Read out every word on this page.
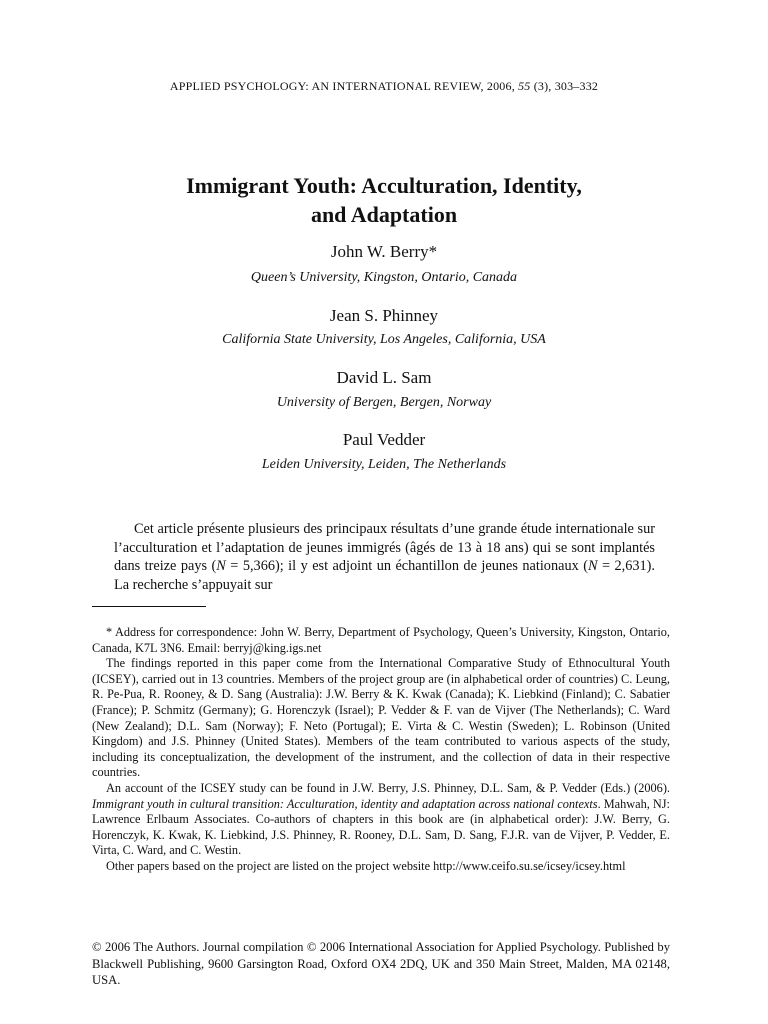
APPLIED PSYCHOLOGY: AN INTERNATIONAL REVIEW, 2006, 55 (3), 303–332
Immigrant Youth: Acculturation, Identity,
and Adaptation
John W. Berry*
Queen’s University, Kingston, Ontario, Canada
Jean S. Phinney
California State University, Los Angeles, California, USA
David L. Sam
University of Bergen, Bergen, Norway
Paul Vedder
Leiden University, Leiden, The Netherlands
Cet article présente plusieurs des principaux résultats d’une grande étude internationale sur l’acculturation et l’adaptation de jeunes immigrés (âgés de 13 à 18 ans) qui se sont implantés dans treize pays (N = 5,366); il y est adjoint un échantillon de jeunes nationaux (N = 2,631). La recherche s’appuyait sur

* Address for correspondence: John W. Berry, Department of Psychology, Queen’s University, Kingston, Ontario, Canada, K7L 3N6. Email: berryj@king.igs.net

The findings reported in this paper come from the International Comparative Study of Ethnocultural Youth (ICSEY), carried out in 13 countries. Members of the project group are (in alphabetical order of countries) C. Leung, R. Pe-Pua, R. Rooney, & D. Sang (Australia): J.W. Berry & K. Kwak (Canada); K. Liebkind (Finland); C. Sabatier (France); P. Schmitz (Germany); G. Horenczyk (Israel); P. Vedder & F. van de Vijver (The Netherlands); C. Ward (New Zealand); D.L. Sam (Norway); F. Neto (Portugal); E. Virta & C. Westin (Sweden); L. Robinson (United Kingdom) and J.S. Phinney (United States). Members of the team contributed to various aspects of the study, including its conceptualization, the development of the instrument, and the collection of data in their respective countries.

An account of the ICSEY study can be found in J.W. Berry, J.S. Phinney, D.L. Sam, & P. Vedder (Eds.) (2006). Immigrant youth in cultural transition: Acculturation, identity and adaptation across national contexts. Mahwah, NJ: Lawrence Erlbaum Associates. Co-authors of chapters in this book are (in alphabetical order): J.W. Berry, G. Horenczyk, K. Kwak, K. Liebkind, J.S. Phinney, R. Rooney, D.L. Sam, D. Sang, F.J.R. van de Vijver, P. Vedder, E. Virta, C. Ward, and C. Westin.

Other papers based on the project are listed on the project website http://www.ceifo.su.se/icsey/icsey.html

© 2006 The Authors. Journal compilation © 2006 International Association for Applied Psychology. Published by Blackwell Publishing, 9600 Garsington Road, Oxford OX4 2DQ, UK and 350 Main Street, Malden, MA 02148, USA.
